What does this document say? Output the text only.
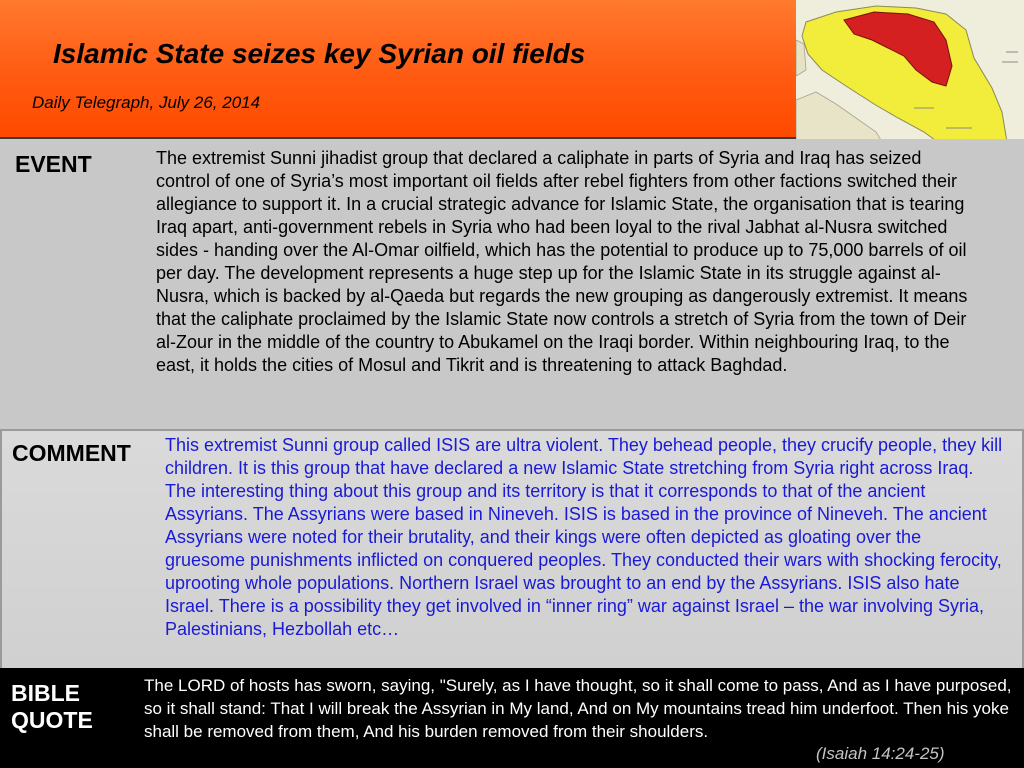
Islamic State seizes key Syrian oil fields
Daily Telegraph, July 26, 2014
EVENT	The extremist Sunni jihadist group that declared a caliphate in parts of Syria and Iraq has seized control of one of Syria’s most important oil fields after rebel fighters from other factions switched their allegiance to support it. In a crucial strategic advance for Islamic State, the organisation that is tearing Iraq apart, anti-government rebels in Syria who had been loyal to the rival Jabhat al-Nusra switched sides - handing over the Al-Omar oilfield, which has the potential to produce up to 75,000 barrels of oil per day. The development represents a huge step up for the Islamic State in its struggle against al-Nusra, which is backed by al-Qaeda but regards the new grouping as dangerously extremist. It means that the caliphate proclaimed by the Islamic State now controls a stretch of Syria from the town of Deir al-Zour in the middle of the country to Abukamel on the Iraqi border. Within neighbouring Iraq, to the east, it holds the cities of Mosul and Tikrit and is threatening to attack Baghdad.

COMMENT This extremist Sunni group called ISIS are ultra violent. They behead people, they crucify people, they kill children. It is this group that have declared a new Islamic State stretching from Syria right across Iraq. The interesting thing about this group and its territory is that it corresponds to that of the ancient Assyrians. The Assyrians were based in Nineveh. ISIS is based in the province of Nineveh. The ancient Assyrians were noted for their brutality, and their kings were often depicted as gloating over the gruesome punishments inflicted on conquered peoples. They conducted their wars with shocking ferocity, uprooting whole populations. Northern Israel was brought to an end by the Assyrians. ISIS also hate Israel. There is a possibility they get involved in “inner ring” war against Israel – the war involving Syria, Palestinians, Hezbollah etc…

BIBLE
QUOTE

The LORD of hosts has sworn, saying, "Surely, as I have thought, so it shall come to pass, And as I have purposed, so it shall stand: That I will break the Assyrian in My land, And on My mountains tread him underfoot. Then his yoke shall be removed from them, And his burden removed from their shoulders.

(Isaiah 14:24-25)
